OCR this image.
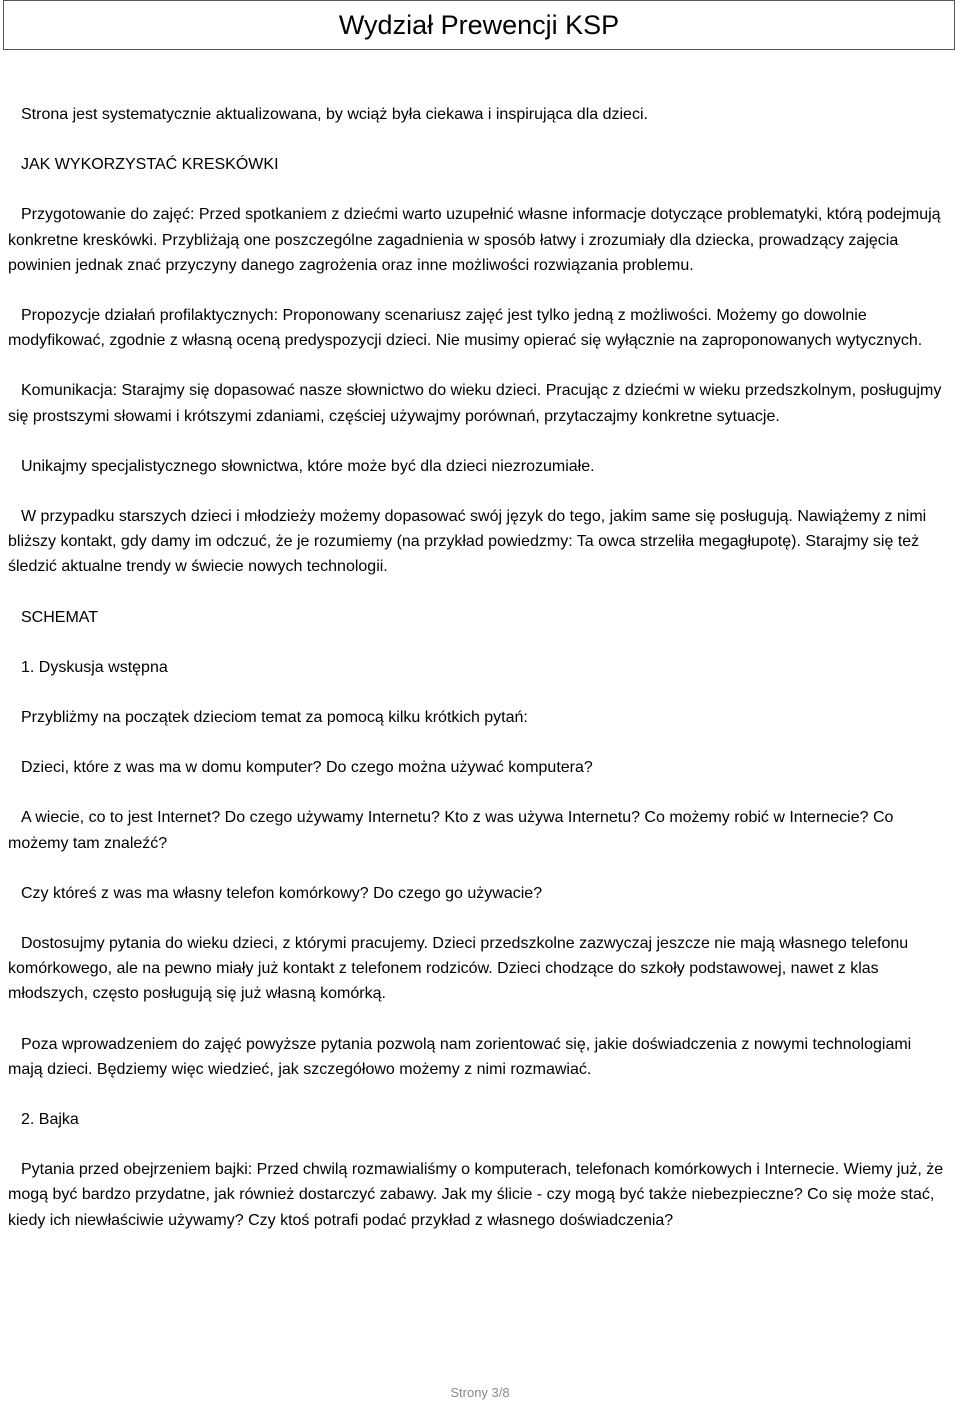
Wydział Prewencji KSP

Strona jest systematycznie aktualizowana, by wciąż była ciekawa i inspirująca dla dzieci.

JAK WYKORZYSTAĆ KRESKÓWKI

Przygotowanie do zajęć: Przed spotkaniem z dziećmi warto uzupełnić własne informacje dotyczące problematyki, którą podejmują konkretne kreskówki. Przybliżają one poszczególne zagadnienia w sposób łatwy i zrozumiały dla dziecka, prowadzący zajęcia powinien jednak znać przyczyny danego zagrożenia oraz inne możliwości rozwiązania problemu.

Propozycje działań profilaktycznych: Proponowany scenariusz zajęć jest tylko jedną z możliwości. Możemy go dowolnie modyfikować, zgodnie z własną oceną predyspozycji dzieci. Nie musimy opierać się wyłącznie na zaproponowanych wytycznych.

Komunikacja: Starajmy się dopasować nasze słownictwo do wieku dzieci. Pracując z dziećmi w wieku przedszkolnym, posługujmy się prostszymi słowami i krótszymi zdaniami, częściej używajmy porównań, przytaczajmy konkretne sytuacje.

Unikajmy specjalistycznego słownictwa, które może być dla dzieci niezrozumiałe.

W przypadku starszych dzieci i młodzieży możemy dopasować swój język do tego, jakim same się posługują. Nawiążemy z nimi bliższy kontakt, gdy damy im odczuć, że je rozumiemy (na przykład powiedzmy: Ta owca strzeliła megagłupotę). Starajmy się też śledzić aktualne trendy w świecie nowych technologii.

SCHEMAT

1. Dyskusja wstępna

Przybliżmy na początek dzieciom temat za pomocą kilku krótkich pytań:

Dzieci, które z was ma w domu komputer? Do czego można używać komputera?

A wiecie, co to jest Internet? Do czego używamy Internetu? Kto z was używa Internetu? Co możemy robić w Internecie? Co możemy tam znaleźć?

Czy któreś z was ma własny telefon komórkowy? Do czego go używacie?

Dostosujmy pytania do wieku dzieci, z którymi pracujemy. Dzieci przedszkolne zazwyczaj jeszcze nie mają własnego telefonu komórkowego, ale na pewno miały już kontakt z telefonem rodziców. Dzieci chodzące do szkoły podstawowej, nawet z klas młodszych, często posługują się już własną komórką.

Poza wprowadzeniem do zajęć powyższe pytania pozwolą nam zorientować się, jakie doświadczenia z nowymi technologiami mają dzieci. Będziemy więc wiedzieć, jak szczegółowo możemy z nimi rozmawiać.

2. Bajka

Pytania przed obejrzeniem bajki: Przed chwilą rozmawialiśmy o komputerach, telefonach komórkowych i Internecie. Wiemy już, że mogą być bardzo przydatne, jak również dostarczyć zabawy. Jak my ślicie - czy mogą być także niebezpieczne? Co się może stać, kiedy ich niewłaściwie używamy? Czy ktoś potrafi podać przykład z własnego doświadczenia?

Strony 3/8
